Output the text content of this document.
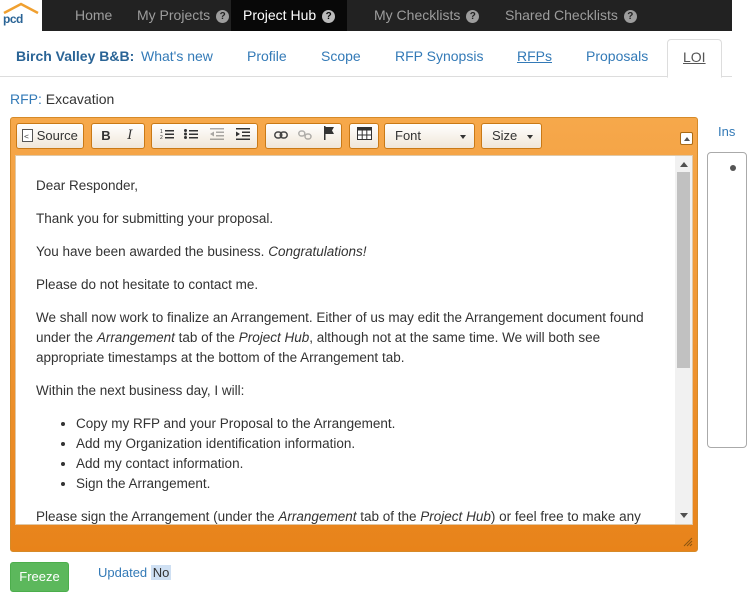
pcd	Home	My Projects ?	Project Hub ?	My Checklists ?	Shared Checklists ?
Birch Valley B&B: What's new Profile Scope RFP Synopsis RFPs Proposals	LOI
RFP: Excavation
< Source	B	I	1
2	Font	Size

Dear Responder,

Thank you for submitting your proposal.

You have been awarded the business. Congratulations!

Please do not hesitate to contact me.

We shall now work to finalize an Arrangement. Either of us may edit the Arrangement document found under the Arrangement tab of the Project Hub, although not at the same time. We will both see appropriate timestamps at the bottom of the Arrangement tab.

Within the next business day, I will:

• Copy my RFP and your Proposal to the Arrangement.
• Add my Organization identification information.
• Add my contact information.
• Sign the Arrangement.

Please sign the Arrangement (under the Arrangement tab of the Project Hub) or feel free to make any

Ins
Freeze	Updated No
